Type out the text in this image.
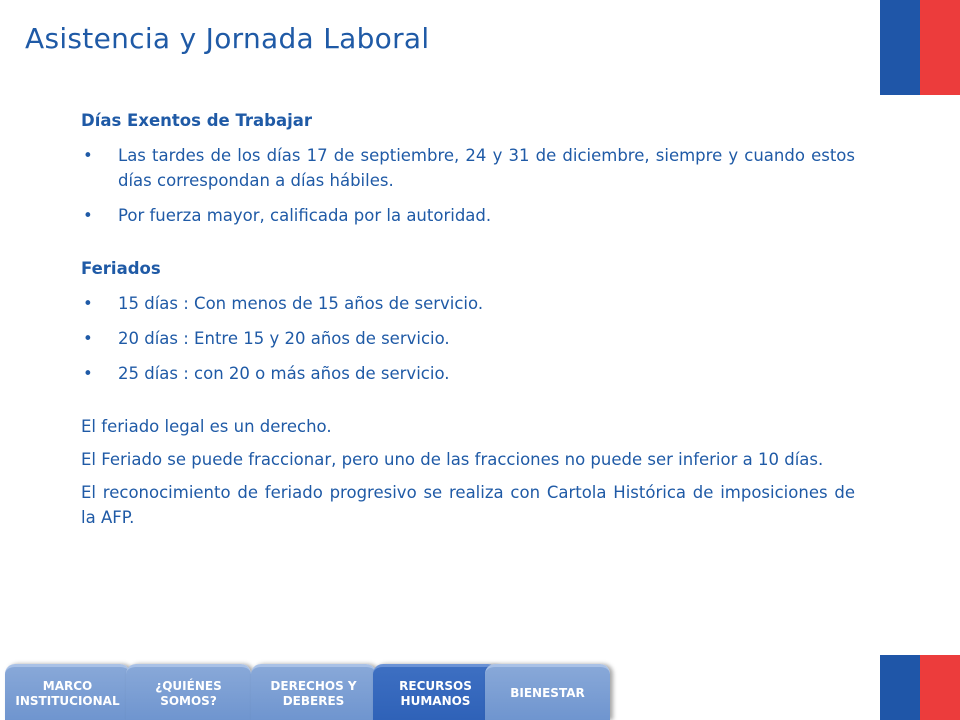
Asistencia y Jornada Laboral
Días Exentos de Trabajar
• Las tardes de los días 17 de septiembre, 24 y 31 de diciembre, siempre y cuando estos días correspondan a días hábiles.
• Por fuerza mayor, calificada por la autoridad.
Feriados
• 15 días : Con menos de 15 años de servicio.
• 20 días : Entre 15 y 20 años de servicio.
• 25 días : con 20 o más años de servicio.

El feriado legal es un derecho.

El Feriado se puede fraccionar, pero uno de las fracciones no puede ser inferior a 10 días.

El reconocimiento de feriado progresivo se realiza con Cartola Histórica de imposiciones de la AFP.

MARCO
INSTITUCIONAL
¿QUIÉNES
SOMOS?
DERECHOS Y
DEBERES
RECURSOS
HUMANOS
BIENESTAR
